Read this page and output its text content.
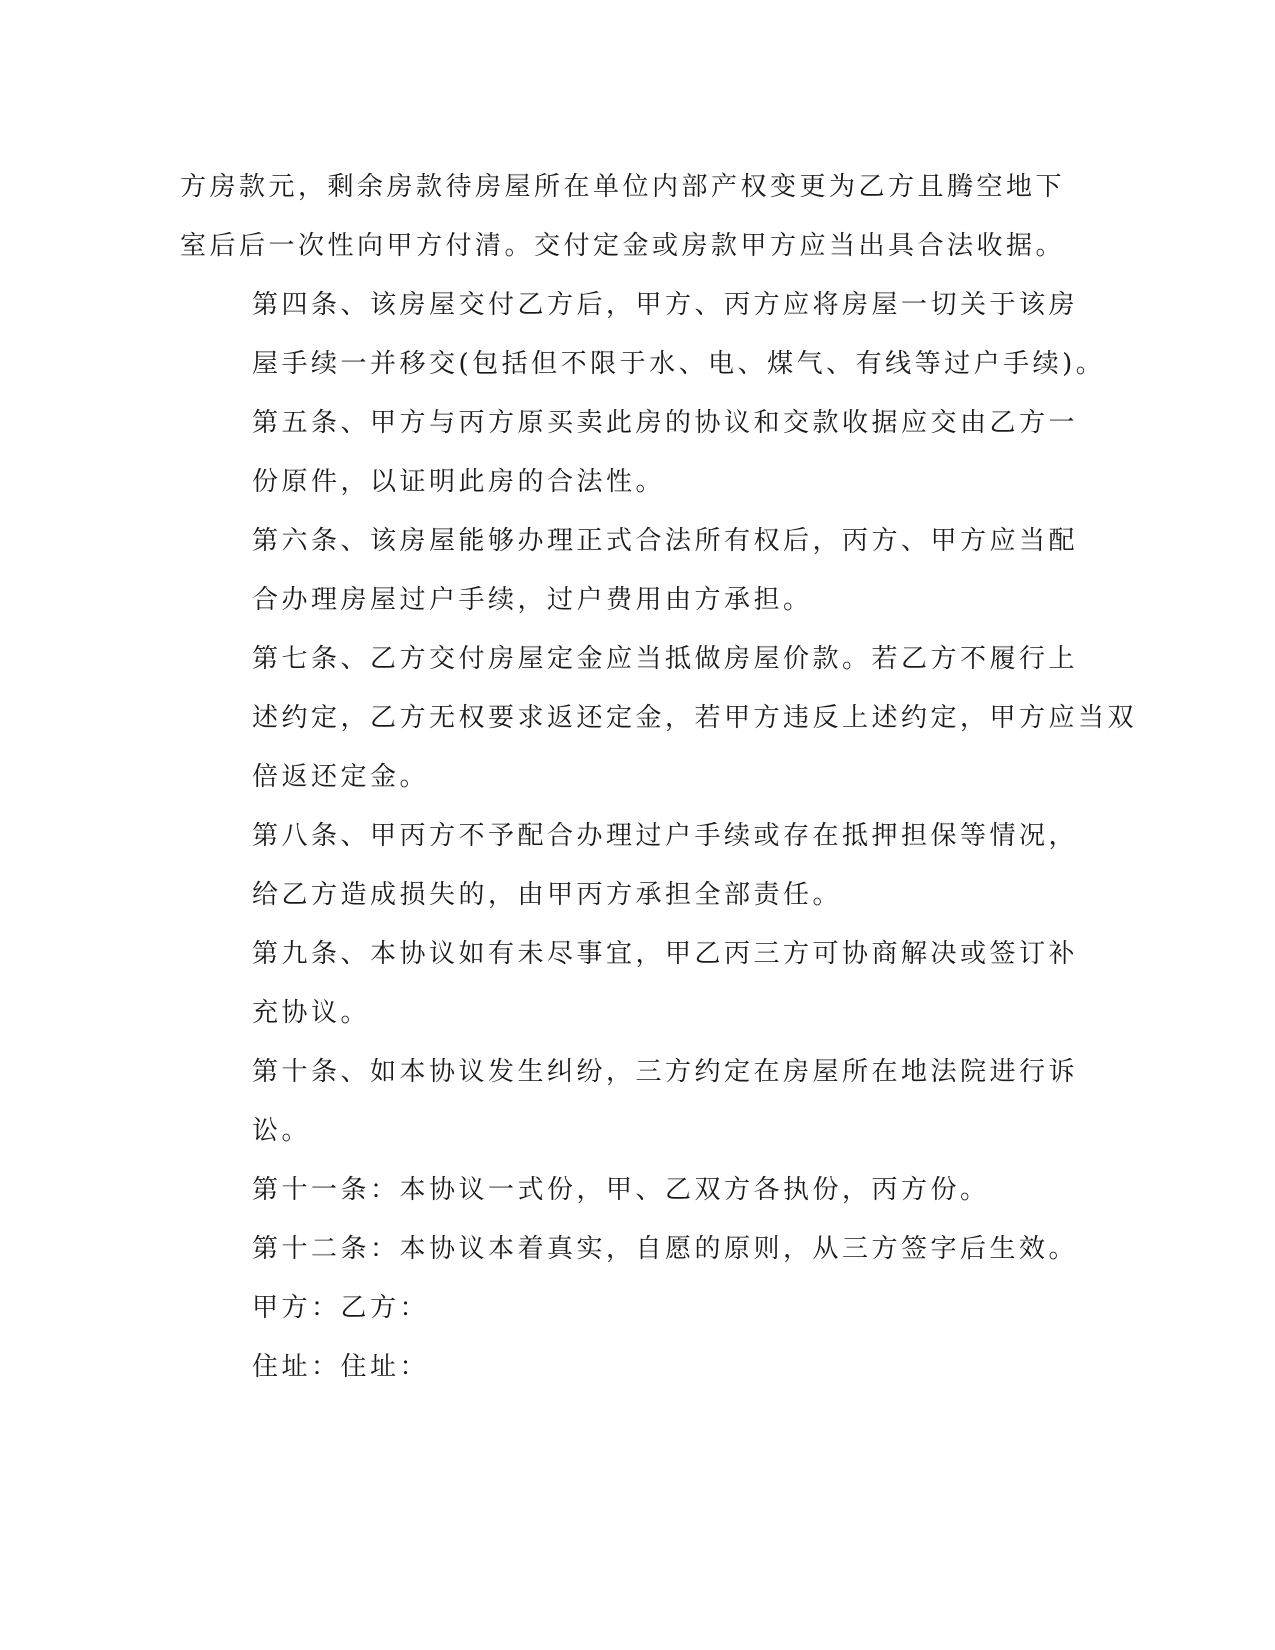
方房款元，剩余房款待房屋所在单位内部产权变更为乙方且腾空地下
室后后一次性向甲方付清。交付定金或房款甲方应当出具合法收据。

第四条、该房屋交付乙方后，甲方、丙方应将房屋一切关于该房
屋手续一并移交(包括但不限于水、电、煤气、有线等过户手续)。

第五条、甲方与丙方原买卖此房的协议和交款收据应交由乙方一
份原件，以证明此房的合法性。

第六条、该房屋能够办理正式合法所有权后，丙方、甲方应当配
合办理房屋过户手续，过户费用由方承担。

第七条、乙方交付房屋定金应当抵做房屋价款。若乙方不履行上
述约定，乙方无权要求返还定金，若甲方违反上述约定，甲方应当双
倍返还定金。

第八条、甲丙方不予配合办理过户手续或存在抵押担保等情况，
给乙方造成损失的，由甲丙方承担全部责任。

第九条、本协议如有未尽事宜，甲乙丙三方可协商解决或签订补
充协议。

第十条、如本协议发生纠纷，三方约定在房屋所在地法院进行诉
讼。

第十一条：本协议一式份，甲、乙双方各执份，丙方份。

第十二条：本协议本着真实，自愿的原则，从三方签字后生效。

甲方：乙方：

住址：住址：
